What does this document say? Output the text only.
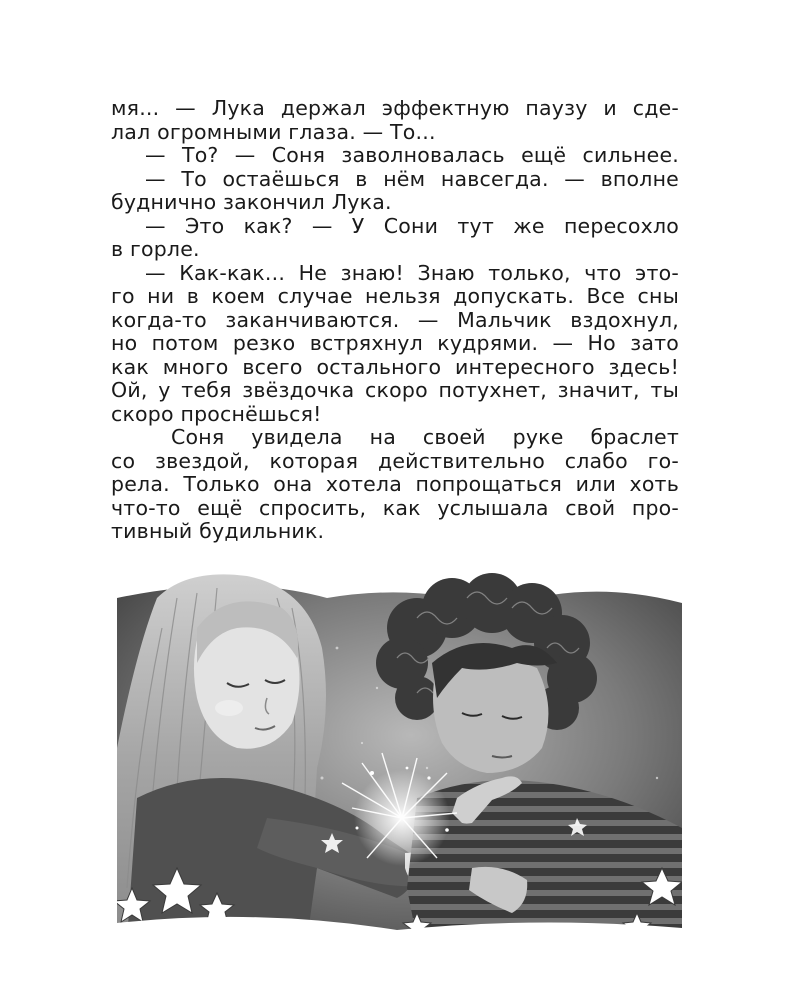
мя... — Лука держал эффектную паузу и сде-
лал огромными глаза. — То...
— То? — Соня заволновалась ещё сильнее.
— То остаёшься в нём навсегда. — вполне
буднично закончил Лука.
— Это как? — У Сони тут же пересохло
в горле.
— Как-как... Не знаю! Знаю только, что это-
го ни в коем случае нельзя допускать. Все сны
когда-то заканчиваются. — Мальчик вздохнул,
но потом резко встряхнул кудрями. — Но зато
как много всего остального интересного здесь!
Ой, у тебя звёздочка скоро потухнет, значит, ты
скоро проснёшься!
Соня увидела на своей руке браслет
со звездой, которая действительно слабо го-
рела. Только она хотела попрощаться или хоть
что-то ещё спросить, как услышала свой про-
тивный будильник.
